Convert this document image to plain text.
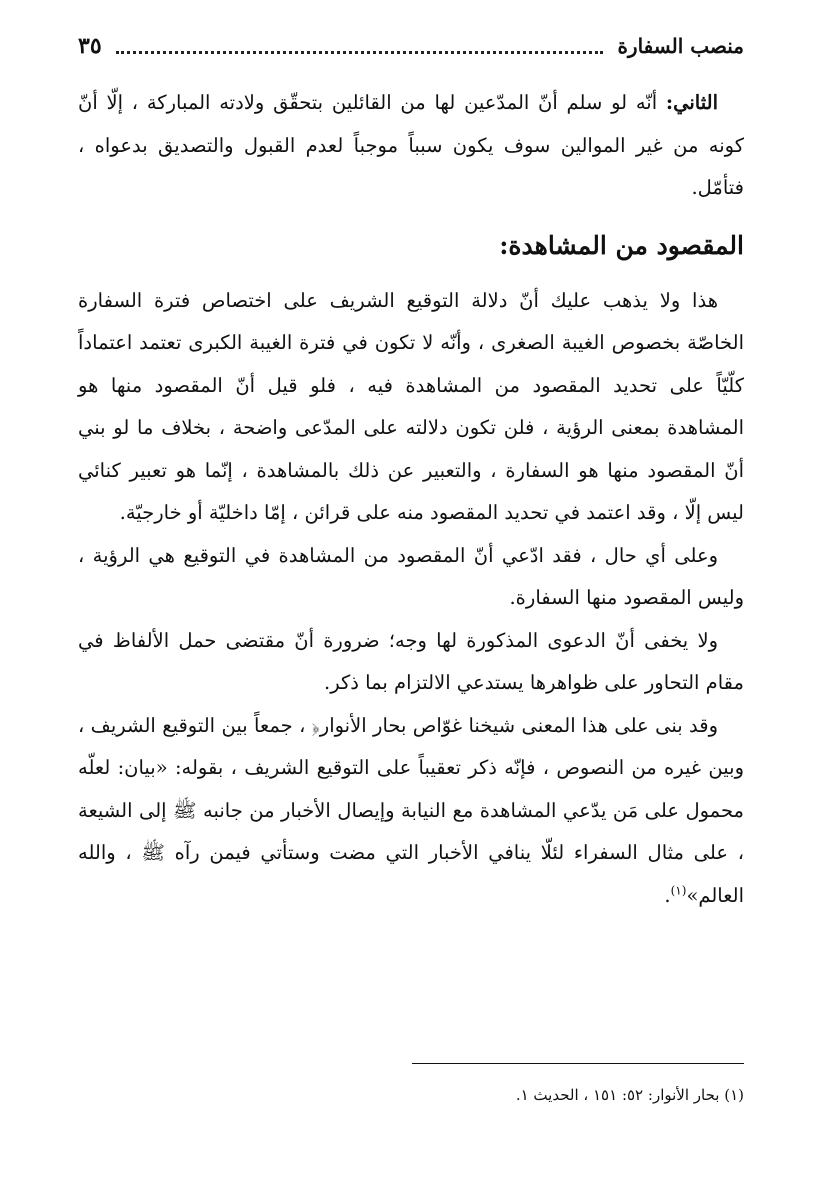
منصب السفارة
٣٥

الثاني: أنّه لو سلم أنّ المدّعين لها من القائلين بتحقّق ولادته المباركة ، إلّا أنّ كونه من غير الموالين سوف يكون سبباً موجباً لعدم القبول والتصديق بدعواه ، فتأمّل.

المقصود من المشاهدة:

هذا ولا يذهب عليك أنّ دلالة التوقيع الشريف على اختصاص فترة السفارة الخاصّة بخصوص الغيبة الصغرى ، وأنّه لا تكون في فترة الغيبة الكبرى تعتمد اعتماداً كلّيّاً على تحديد المقصود من المشاهدة فيه ، فلو قيل أنّ المقصود منها هو المشاهدة بمعنى الرؤية ، فلن تكون دلالته على المدّعى واضحة ، بخلاف ما لو بني أنّ المقصود منها هو السفارة ، والتعبير عن ذلك بالمشاهدة ، إنّما هو تعبير كنائي ليس إلّا ، وقد اعتمد في تحديد المقصود منه على قرائن ، إمّا داخليّة أو خارجيّة.

وعلى أي حال ، فقد ادّعي أنّ المقصود من المشاهدة في التوقيع هي الرؤية ، وليس المقصود منها السفارة.

ولا يخفى أنّ الدعوى المذكورة لها وجه؛ ضرورة أنّ مقتضى حمل الألفاظ في مقام التحاور على ظواهرها يستدعي الالتزام بما ذكر.

وقد بنى على هذا المعنى شيخنا غوّاص بحار الأنوار﴿ ، جمعاً بين التوقيع الشريف ، وبين غيره من النصوص ، فإنّه ذكر تعقيباً على التوقيع الشريف ، بقوله: «بيان: لعلّه محمول على مَن يدّعي المشاهدة مع النيابة وإيصال الأخبار من جانبه ﷺ إلى الشيعة ، على مثال السفراء لئلّا ينافي الأخبار التي مضت وستأتي فيمن رآه ﷺ ، والله العالم»$^{(١)}$.

(١) بحار الأنوار: ٥٢: ١٥١ ، الحديث ١.
